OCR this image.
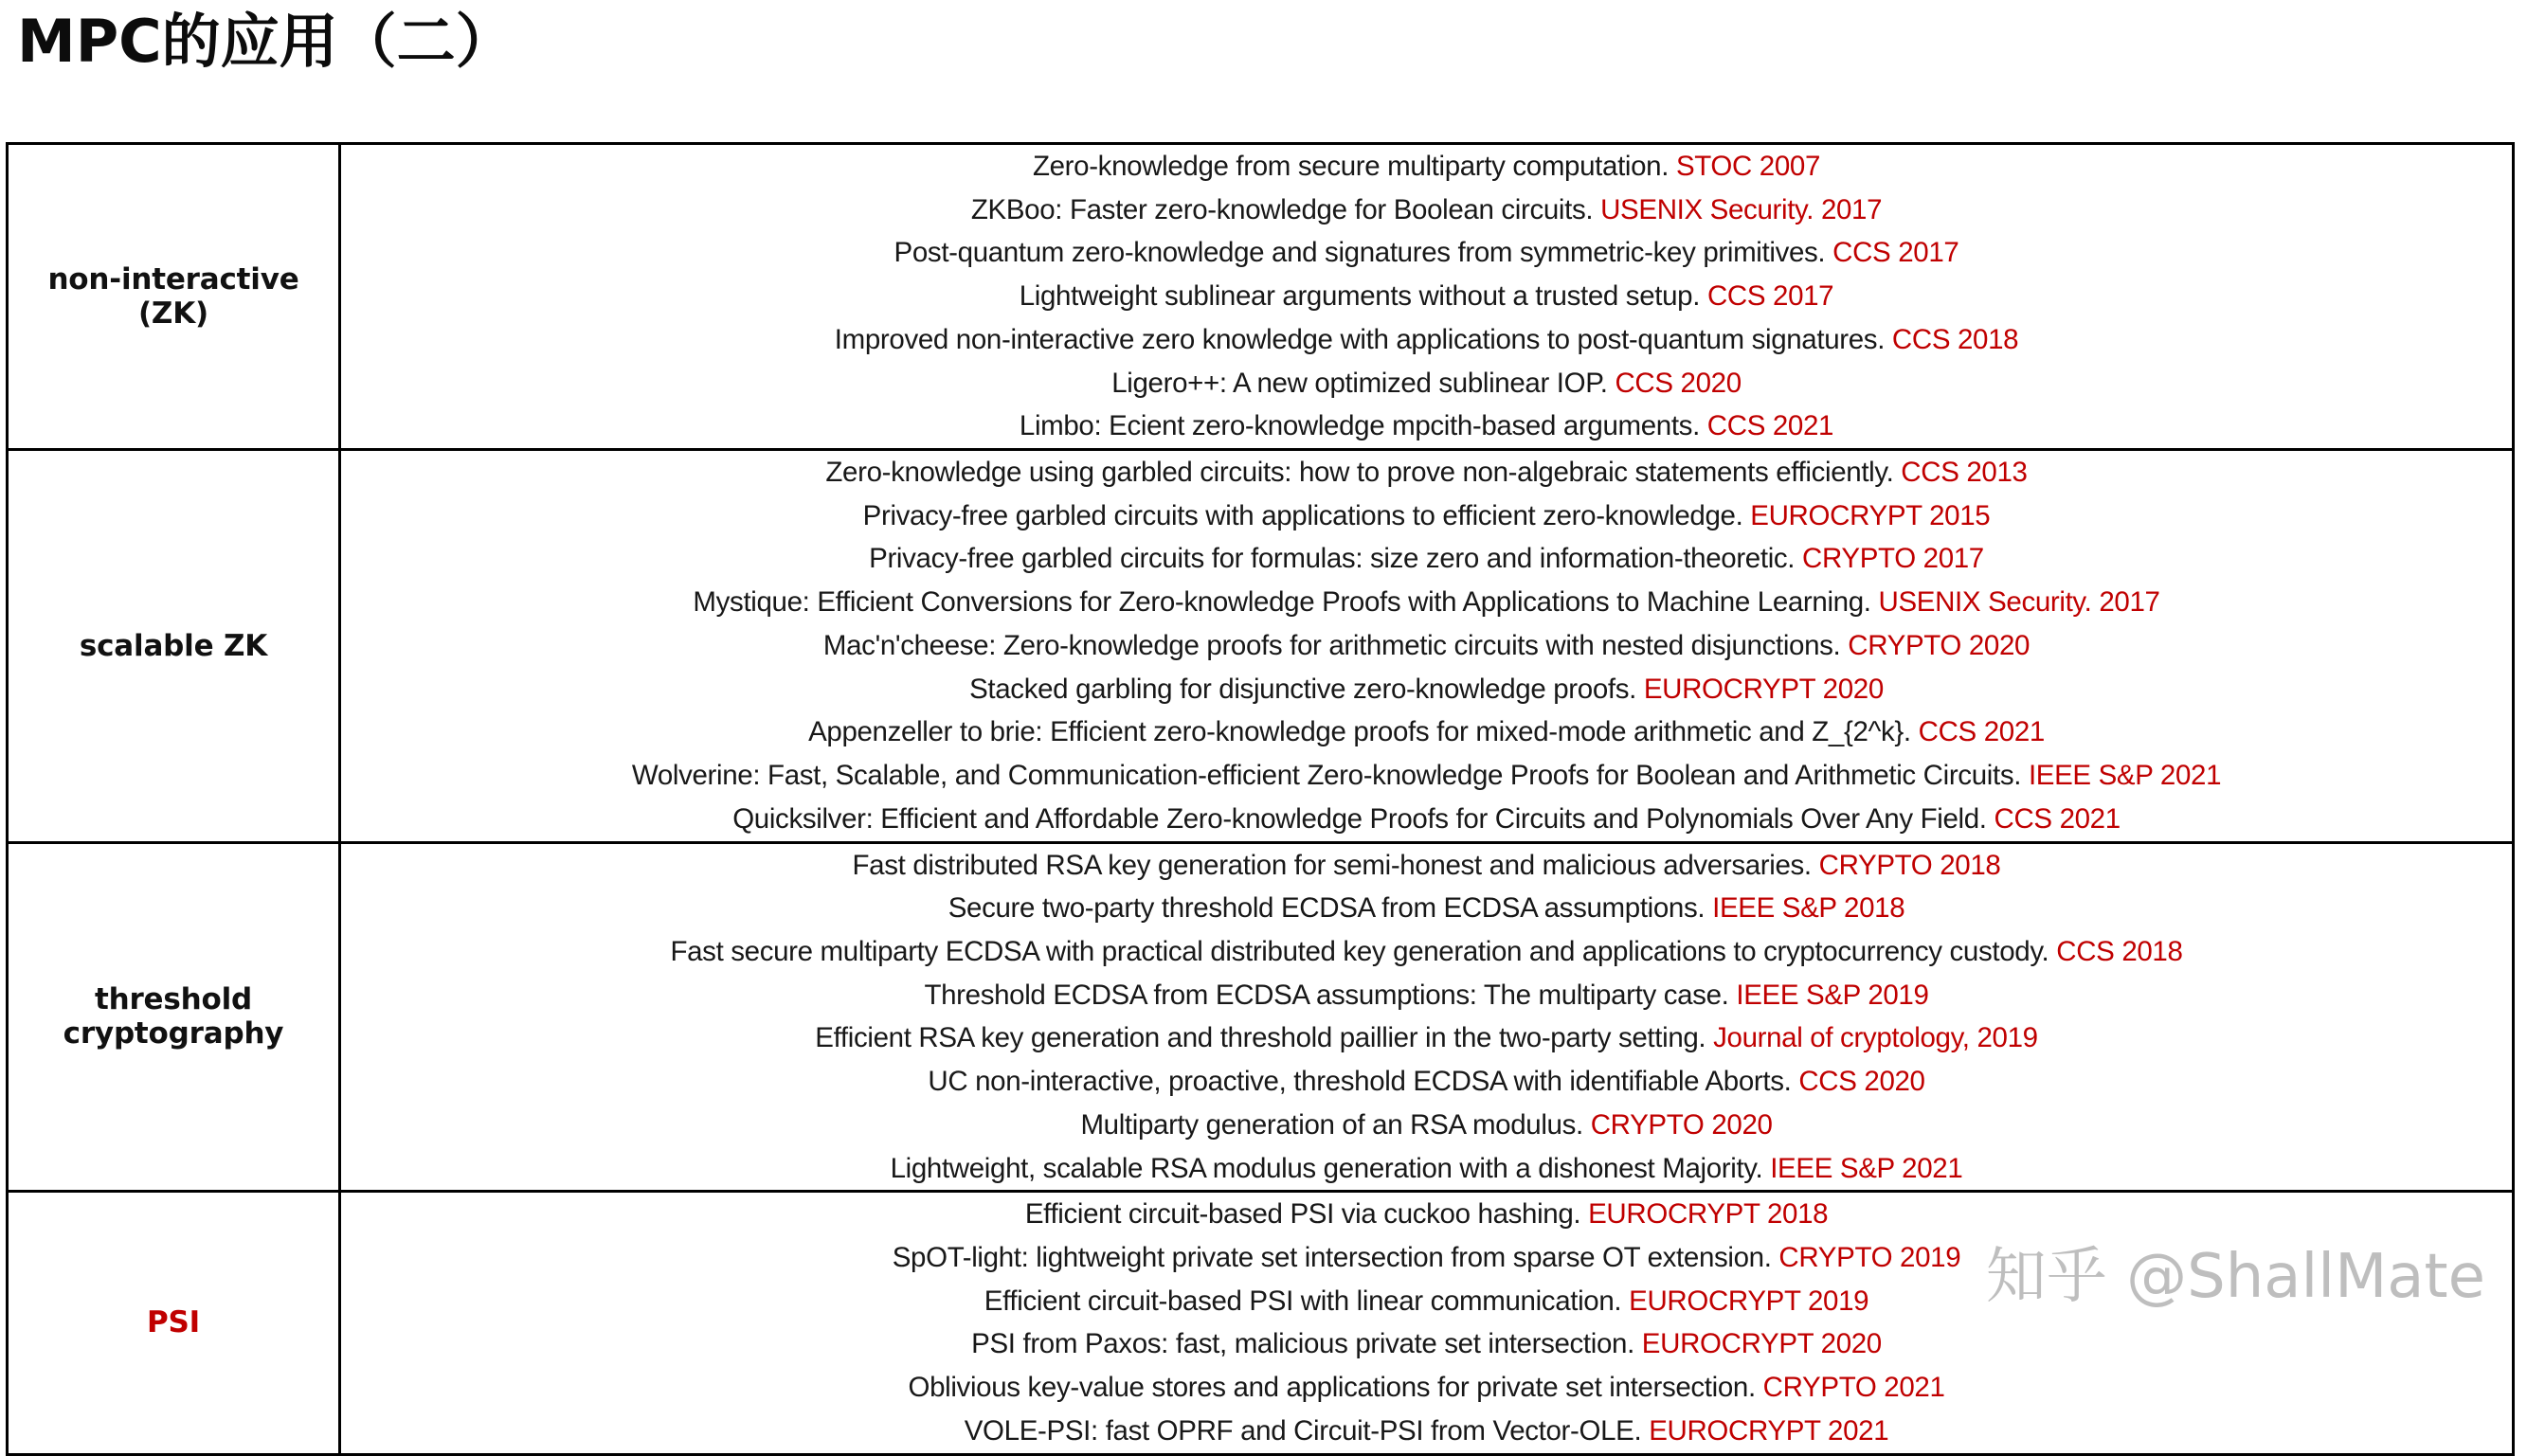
MPC的应用（二）
non-interactive (ZK)	
Zero-knowledge from secure multiparty computation. STOC 2007
ZKBoo: Faster zero-knowledge for Boolean circuits. USENIX Security. 2017
Post-quantum zero-knowledge and signatures from symmetric-key primitives. CCS 2017
Lightweight sublinear arguments without a trusted setup. CCS 2017
Improved non-interactive zero knowledge with applications to post-quantum signatures. CCS 2018
Ligero++: A new optimized sublinear IOP. CCS 2020
Limbo: Ecient zero-knowledge mpcith-based arguments. CCS 2021

scalable ZK	
Zero-knowledge using garbled circuits: how to prove non-algebraic statements efficiently. CCS 2013
Privacy-free garbled circuits with applications to efficient zero-knowledge. EUROCRYPT 2015
Privacy-free garbled circuits for formulas: size zero and information-theoretic. CRYPTO 2017
Mystique: Efficient Conversions for Zero-knowledge Proofs with Applications to Machine Learning. USENIX Security. 2017
Mac'n'cheese: Zero-knowledge proofs for arithmetic circuits with nested disjunctions. CRYPTO 2020
Stacked garbling for disjunctive zero-knowledge proofs. EUROCRYPT 2020
Appenzeller to brie: Efficient zero-knowledge proofs for mixed-mode arithmetic and Z_{2^k}. CCS 2021
Wolverine: Fast, Scalable, and Communication-efficient Zero-knowledge Proofs for Boolean and Arithmetic Circuits. IEEE S&P 2021
Quicksilver: Efficient and Affordable Zero-knowledge Proofs for Circuits and Polynomials Over Any Field. CCS 2021

threshold cryptography	
Fast distributed RSA key generation for semi-honest and malicious adversaries. CRYPTO 2018
Secure two-party threshold ECDSA from ECDSA assumptions. IEEE S&P 2018
Fast secure multiparty ECDSA with practical distributed key generation and applications to cryptocurrency custody. CCS 2018
Threshold ECDSA from ECDSA assumptions: The multiparty case. IEEE S&P 2019
Efficient RSA key generation and threshold paillier in the two-party setting. Journal of cryptology, 2019
UC non-interactive, proactive, threshold ECDSA with identifiable Aborts. CCS 2020
Multiparty generation of an RSA modulus. CRYPTO 2020
Lightweight, scalable RSA modulus generation with a dishonest Majority. IEEE S&P 2021

PSI	
Efficient circuit-based PSI via cuckoo hashing. EUROCRYPT 2018
SpOT-light: lightweight private set intersection from sparse OT extension. CRYPTO 2019
Efficient circuit-based PSI with linear communication. EUROCRYPT 2019
PSI from Paxos: fast, malicious private set intersection. EUROCRYPT 2020
Oblivious key-value stores and applications for private set intersection. CRYPTO 2021
VOLE-PSI: fast OPRF and Circuit-PSI from Vector-OLE. EUROCRYPT 2021
知乎 @ShallMate
